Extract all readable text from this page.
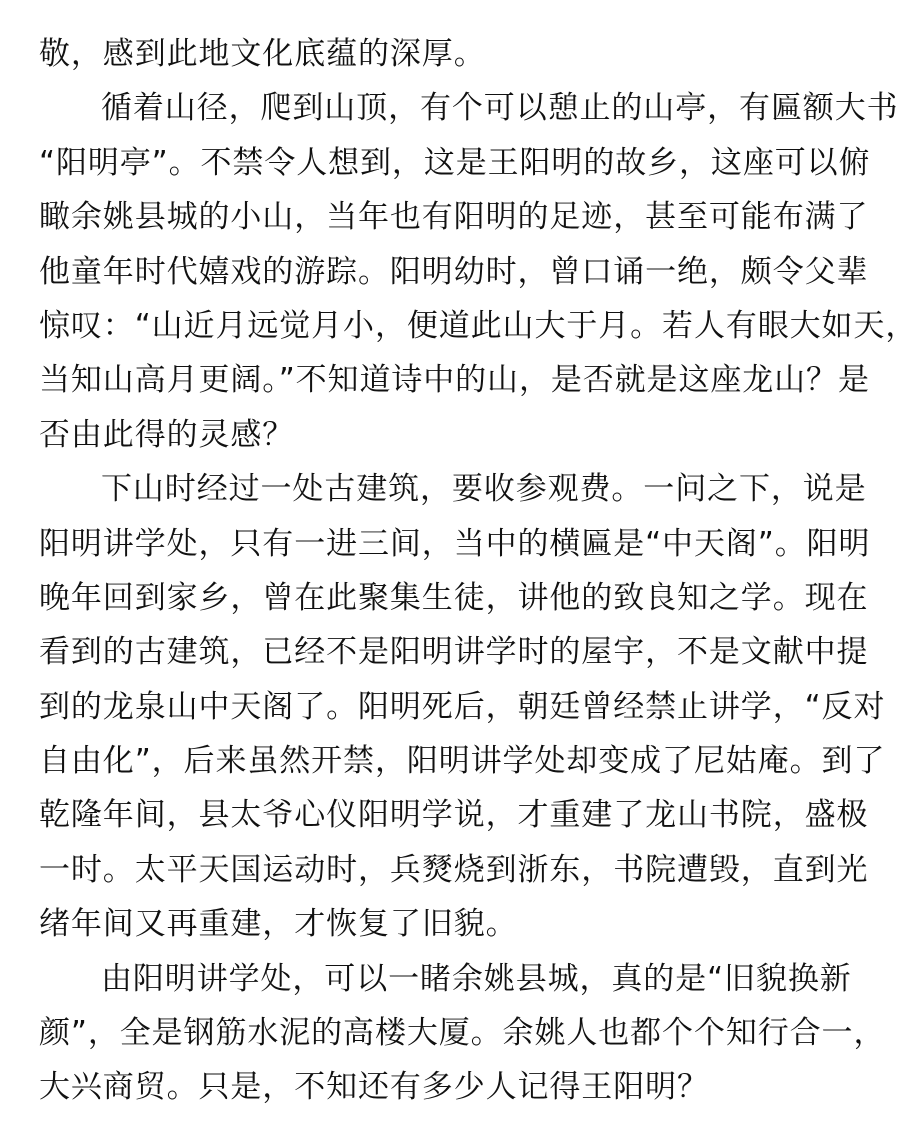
敬，感到此地文化底蕴的深厚。
循着山径，爬到山顶，有个可以憩止的山亭，有匾额大书
“阳明亭”。不禁令人想到，这是王阳明的故乡，这座可以俯
瞰余姚县城的小山，当年也有阳明的足迹，甚至可能布满了
他童年时代嬉戏的游踪。阳明幼时，曾口诵一绝，颇令父辈
惊叹：“山近月远觉月小，便道此山大于月。若人有眼大如天，
当知山高月更阔。”不知道诗中的山，是否就是这座龙山？是
否由此得的灵感？
下山时经过一处古建筑，要收参观费。一问之下，说是
阳明讲学处，只有一进三间，当中的横匾是“中天阁”。阳明
晚年回到家乡，曾在此聚集生徒，讲他的致良知之学。现在
看到的古建筑，已经不是阳明讲学时的屋宇，不是文献中提
到的龙泉山中天阁了。阳明死后，朝廷曾经禁止讲学，“反对
自由化”，后来虽然开禁，阳明讲学处却变成了尼姑庵。到了
乾隆年间，县太爷心仪阳明学说，才重建了龙山书院，盛极
一时。太平天国运动时，兵燹烧到浙东，书院遭毁，直到光
绪年间又再重建，才恢复了旧貌。
由阳明讲学处，可以一睹余姚县城，真的是“旧貌换新
颜”，全是钢筋水泥的高楼大厦。余姚人也都个个知行合一，
大兴商贸。只是，不知还有多少人记得王阳明？
